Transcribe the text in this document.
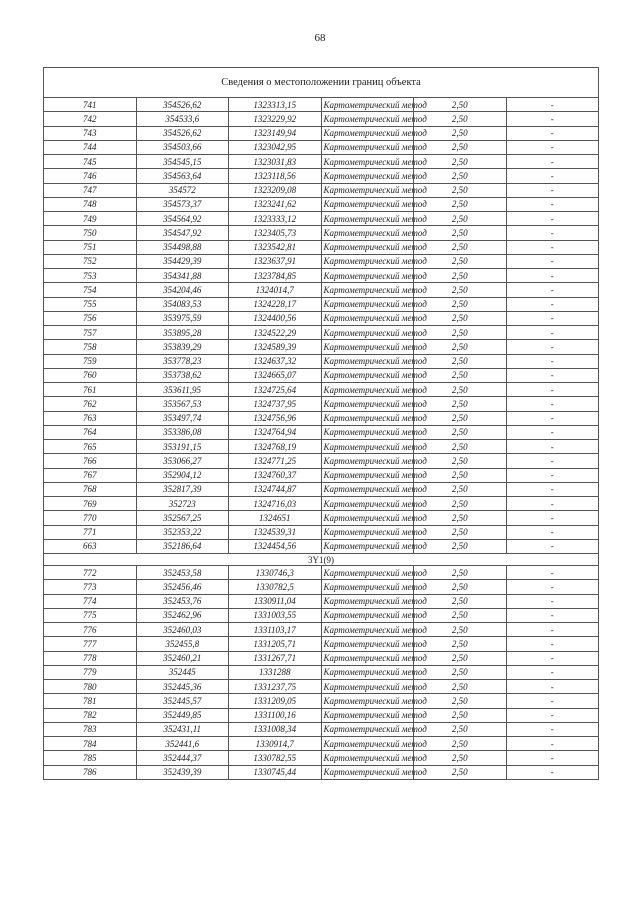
68
Сведения о местоположении границ объекта					
741	354526,62	1323313,15	Картометрический метод	2,50	-
742	354533,6	1323229,92	Картометрический метод	2,50	-
743	354526,62	1323149,94	Картометрический метод	2,50	-
744	354503,66	1323042,95	Картометрический метод	2,50	-
745	354545,15	1323031,83	Картометрический метод	2,50	-
746	354563,64	1323118,56	Картометрический метод	2,50	-
747	354572	1323209,08	Картометрический метод	2,50	-
748	354573,37	1323241,62	Картометрический метод	2,50	-
749	354564,92	1323333,12	Картометрический метод	2,50	-
750	354547,92	1323405,73	Картометрический метод	2,50	-
751	354498,88	1323542,81	Картометрический метод	2,50	-
752	354429,39	1323637,91	Картометрический метод	2,50	-
753	354341,88	1323784,85	Картометрический метод	2,50	-
754	354204,46	1324014,7	Картометрический метод	2,50	-
755	354083,53	1324228,17	Картометрический метод	2,50	-
756	353975,59	1324400,56	Картометрический метод	2,50	-
757	353895,28	1324522,29	Картометрический метод	2,50	-
758	353839,29	1324589,39	Картометрический метод	2,50	-
759	353778,23	1324637,32	Картометрический метод	2,50	-
760	353738,62	1324665,07	Картометрический метод	2,50	-
761	353611,95	1324725,64	Картометрический метод	2,50	-
762	353567,53	1324737,95	Картометрический метод	2,50	-
763	353497,74	1324756,96	Картометрический метод	2,50	-
764	353386,08	1324764,94	Картометрический метод	2,50	-
765	353191,15	1324768,19	Картометрический метод	2,50	-
766	353066,27	1324771,25	Картометрический метод	2,50	-
767	352904,12	1324760,37	Картометрический метод	2,50	-
768	352817,39	1324744,87	Картометрический метод	2,50	-
769	352723	1324716,03	Картометрический метод	2,50	-
770	352567,25	1324651	Картометрический метод	2,50	-
771	352353,22	1324539,31	Картометрический метод	2,50	-
663	352186,64	1324454,56	Картометрический метод	2,50	-
3Y1(9)					
772	352453,58	1330746,3	Картометрический метод	2,50	-
773	352456,46	1330782,5	Картометрический метод	2,50	-
774	352453,76	1330911,04	Картометрический метод	2,50	-
775	352462,96	1331003,55	Картометрический метод	2,50	-
776	352460,03	1331103,17	Картометрический метод	2,50	-
777	352455,8	1331205,71	Картометрический метод	2,50	-
778	352460,21	1331267,71	Картометрический метод	2,50	-
779	352445	1331288	Картометрический метод	2,50	-
780	352445,36	1331237,75	Картометрический метод	2,50	-
781	352445,57	1331209,05	Картометрический метод	2,50	-
782	352449,85	1331100,16	Картометрический метод	2,50	-
783	352431,11	1331008,34	Картометрический метод	2,50	-
784	352441,6	1330914,7	Картометрический метод	2,50	-
785	352444,37	1330782,55	Картометрический метод	2,50	-
786	352439,39	1330745,44	Картометрический метод	2,50	-
